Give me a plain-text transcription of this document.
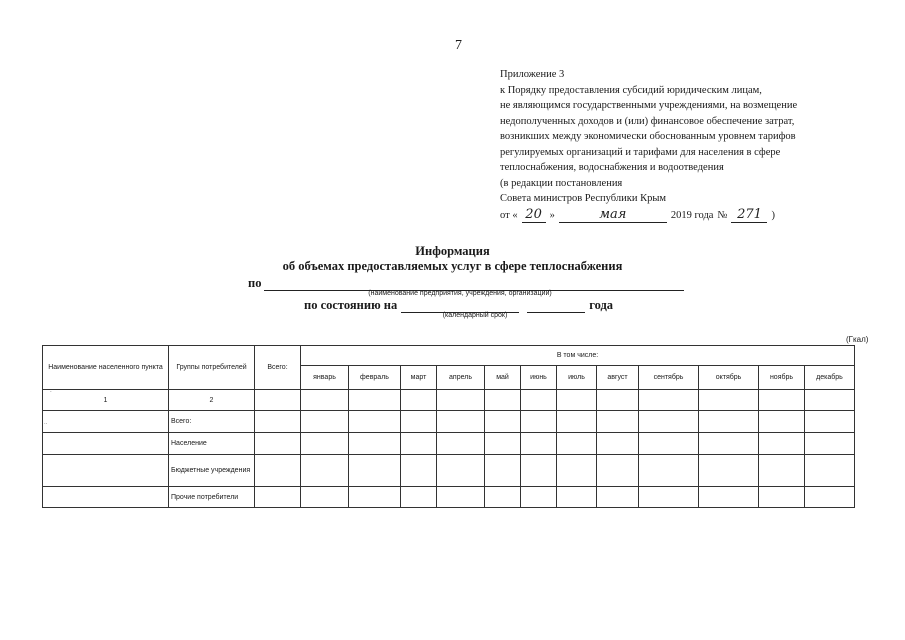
7
Приложение 3
к Порядку предоставления субсидий юридическим лицам,
не являющимся государственными учреждениями, на возмещение
недополученных доходов и (или) финансовое обеспечение затрат,
возникших между экономически обоснованным уровнем тарифов
регулируемых организаций и тарифами для населения в сфере
теплоснабжения, водоснабжения и водоотведения
(в редакции постановления
Совета министров Республики Крым
от « 20 »	мая	2019 года № 271 )
Информация
об объемах предоставляемых услуг в сфере теплоснабжения
по
(наименование предприятия, учреждения, организации)
по состоянию на	года
(календарный срок)
(Гкал)
Наименование населенного пункта	Группы потребителей	Всего:	В том числе:											
			январь	февраль	март	апрель	май	июнь	июль	август	сентябрь	октябрь	ноябрь	декабрь
1	2													
	Всего:													
	Население													
	Бюджетные учреждения													
	Прочие потребители													
´
..
